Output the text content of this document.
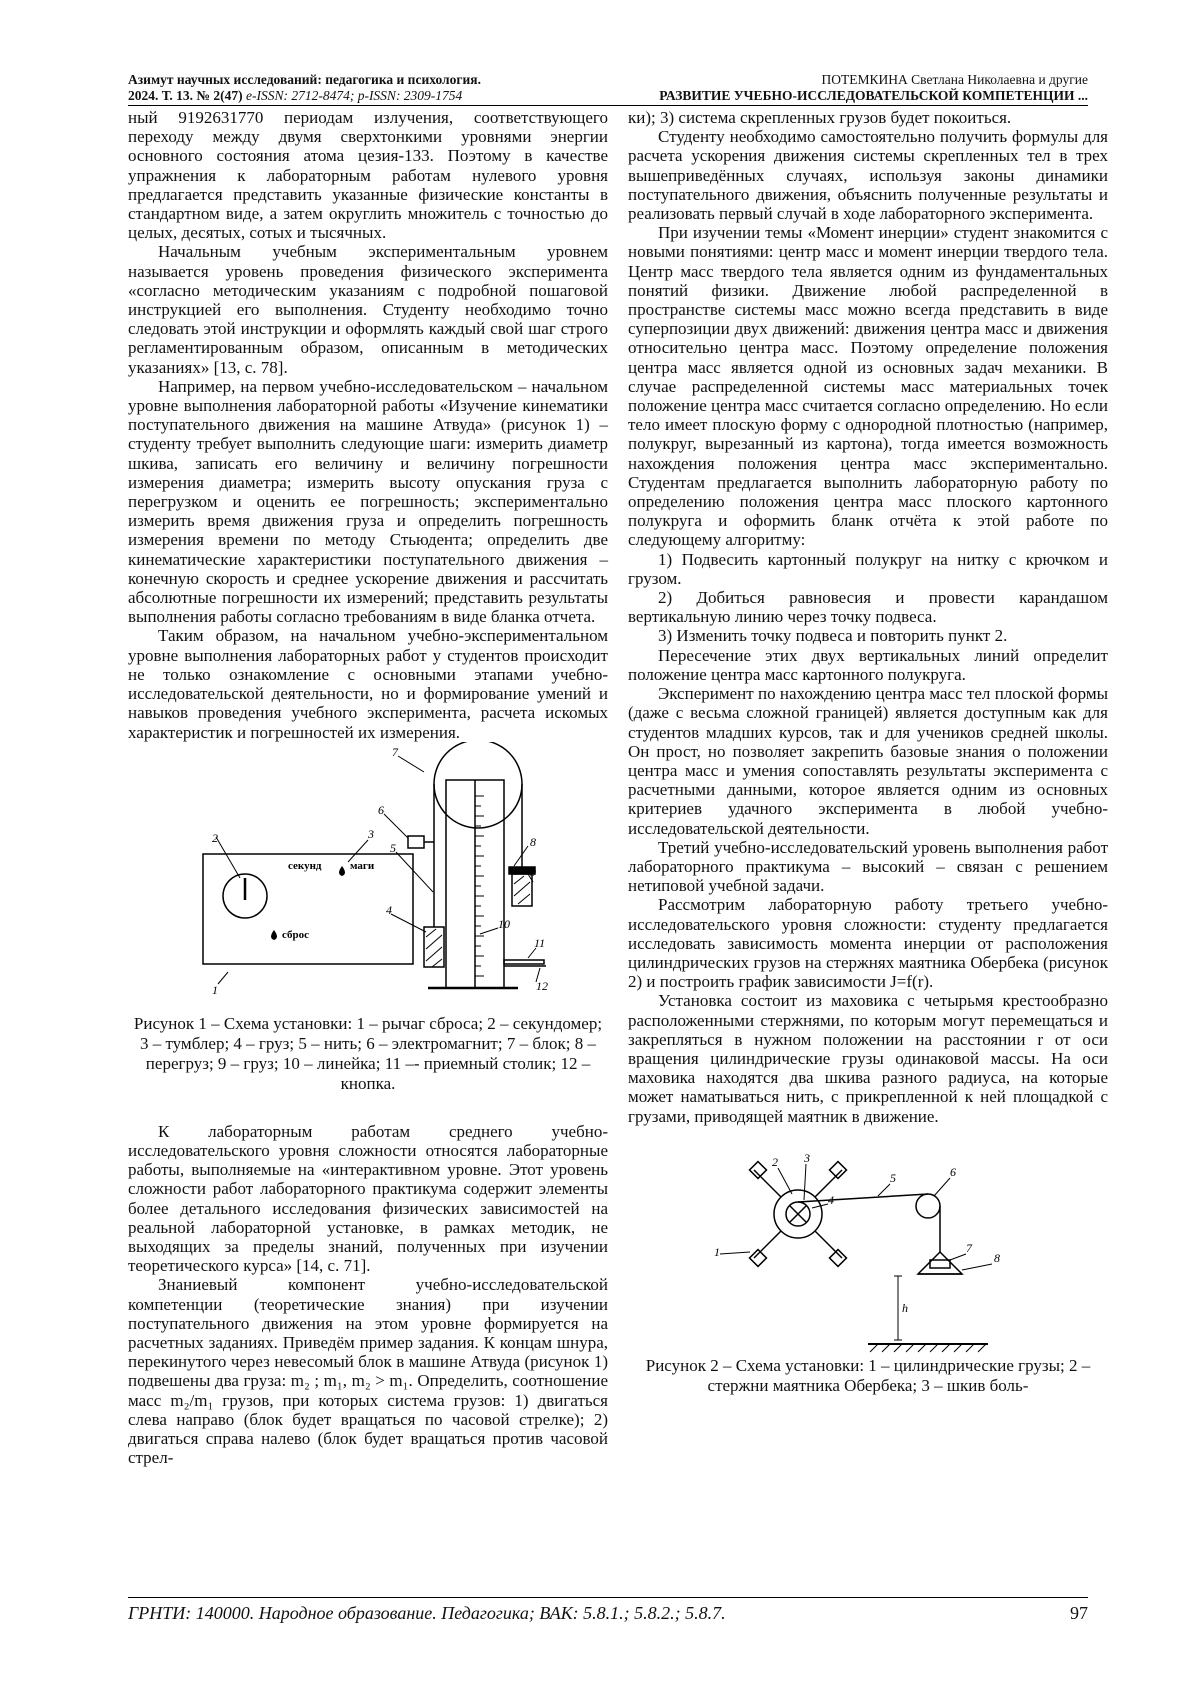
Азимут научных исследований: педагогика и психология.
2024. Т. 13. № 2(47) e-ISSN: 2712-8474; p-ISSN: 2309-1754
ПОТЕМКИНА Светлана Николаевна и другие
РАЗВИТИЕ УЧЕБНО-ИССЛЕДОВАТЕЛЬСКОЙ КОМПЕТЕНЦИИ ...

ный 9192631770 периодам излучения, соответствующего переходу между двумя сверхтонкими уровнями энергии основного состояния атома цезия-133. Поэтому в качестве упражнения к лабораторным работам нулевого уровня предлагается представить указанные физические константы в стандартном виде, а затем округлить множитель с точностью до целых, десятых, сотых и тысячных.

Начальным учебным экспериментальным уровнем называется уровень проведения физического эксперимента «согласно методическим указаниям с подробной пошаговой инструкцией его выполнения. Студенту необходимо точно следовать этой инструкции и оформлять каждый свой шаг строго регламентированным образом, описанным в методических указаниях» [13, с. 78].

Например, на первом учебно-исследовательском – начальном уровне выполнения лабораторной работы «Изучение кинематики поступательного движения на машине Атвуда» (рисунок 1) – студенту требует выполнить следующие шаги: измерить диаметр шкива, записать его величину и величину погрешности измерения диаметра; измерить высоту опускания груза с перегрузком и оценить ее погрешность; экспериментально измерить время движения груза и определить погрешность измерения времени по методу Стьюдента; определить две кинематические характеристики поступательного движения – конечную скорость и среднее ускорение движения и рассчитать абсолютные погрешности их измерений; представить результаты выполнения работы согласно требованиям в виде бланка отчета.

Таким образом, на начальном учебно-экспериментальном уровне выполнения лабораторных работ у студентов происходит не только ознакомление с основными этапами учебно-исследовательской деятельности, но и формирование умений и навыков проведения учебного эксперимента, расчета искомых характеристик и погрешностей их измерения.

секунд	маги
сброс
1
2	3
4
5
6
7
8
9
10
11
12
Рисунок 1 – Схема установки: 1 – рычаг сброса; 2 – секундомер; 3 – тумблер; 4 – груз; 5 – нить; 6 – электромагнит; 7 – блок; 8 – перегруз; 9 – груз; 10 – линейка; 11 –- приемный столик; 12 – кнопка.

К лабораторным работам среднего учебно-исследовательского уровня сложности относятся лабораторные работы, выполняемые на «интерактивном уровне. Этот уровень сложности работ лабораторного практикума содержит элементы более детального исследования физических зависимостей на реальной лабораторной установке, в рамках методик, не выходящих за пределы знаний, полученных при изучении теоретического курса» [14, с. 71].

Знаниевый компонент учебно-исследовательской компетенции (теоретические знания) при изучении поступательного движения на этом уровне формируется на расчетных заданиях. Приведём пример задания. К концам шнура, перекинутого через невесомый блок в машине Атвуда (рисунок 1) подвешены два груза: m₂ ; m₁, m₂ > m₁. Определить, соотношение масс m₂/m₁ грузов, при которых система грузов: 1) двигаться слева направо (блок будет вращаться по часовой стрелке); 2) двигаться справа налево (блок будет вращаться против часовой стрел-

ки); 3) система скрепленных грузов будет покоиться.

Студенту необходимо самостоятельно получить формулы для расчета ускорения движения системы скрепленных тел в трех вышеприведённых случаях, используя законы динамики поступательного движения, объяснить полученные результаты и реализовать первый случай в ходе лабораторного эксперимента.

При изучении темы «Момент инерции» студент знакомится с новыми понятиями: центр масс и момент инерции твердого тела. Центр масс твердого тела является одним из фундаментальных понятий физики. Движение любой распределенной в пространстве системы масс можно всегда представить в виде суперпозиции двух движений: движения центра масс и движения относительно центра масс. Поэтому определение положения центра масс является одной из основных задач механики. В случае распределенной системы масс материальных точек положение центра масс считается согласно определению. Но если тело имеет плоскую форму с однородной плотностью (например, полукруг, вырезанный из картона), тогда имеется возможность нахождения положения центра масс экспериментально. Студентам предлагается выполнить лабораторную работу по определению положения центра масс плоского картонного полукруга и оформить бланк отчёта к этой работе по следующему алгоритму:

1) Подвесить картонный полукруг на нитку с крючком и грузом.

2) Добиться равновесия и провести карандашом вертикальную линию через точку подвеса.

3) Изменить точку подвеса и повторить пункт 2.

Пересечение этих двух вертикальных линий определит положение центра масс картонного полукруга.

Эксперимент по нахождению центра масс тел плоской формы (даже с весьма сложной границей) является доступным как для студентов младших курсов, так и для учеников средней школы. Он прост, но позволяет закрепить базовые знания о положении центра масс и умения сопоставлять результаты эксперимента с расчетными данными, которое является одним из основных критериев удачного эксперимента в любой учебно-исследовательской деятельности.

Третий учебно-исследовательский уровень выполнения работ лабораторного практикума – высокий – связан с решением нетиповой учебной задачи.

Рассмотрим лабораторную работу третьего учебно-исследовательского уровня сложности: студенту предлагается исследовать зависимость момента инерции от расположения цилиндрических грузов на стержнях маятника Обербека (рисунок 2) и построить график зависимости J=f(r).

Установка состоит из маховика с четырьмя крестообразно расположенными стержнями, по которым могут перемещаться и закрепляться в нужном положении на расстоянии r от оси вращения цилиндрические грузы одинаковой массы. На оси маховика находятся два шкива разного радиуса, на которые может наматываться нить, с прикрепленной к ней площадкой с грузами, приводящей маятник в движение.

1
2 3
4
5	6
7
8
h
Рисунок 2 – Схема установки: 1 – цилиндрические грузы; 2 – стержни маятника Обербека; 3 – шкив боль-
ГРНТИ: 140000. Народное образование. Педагогика; ВАК: 5.8.1.; 5.8.2.; 5.8.7.	97
